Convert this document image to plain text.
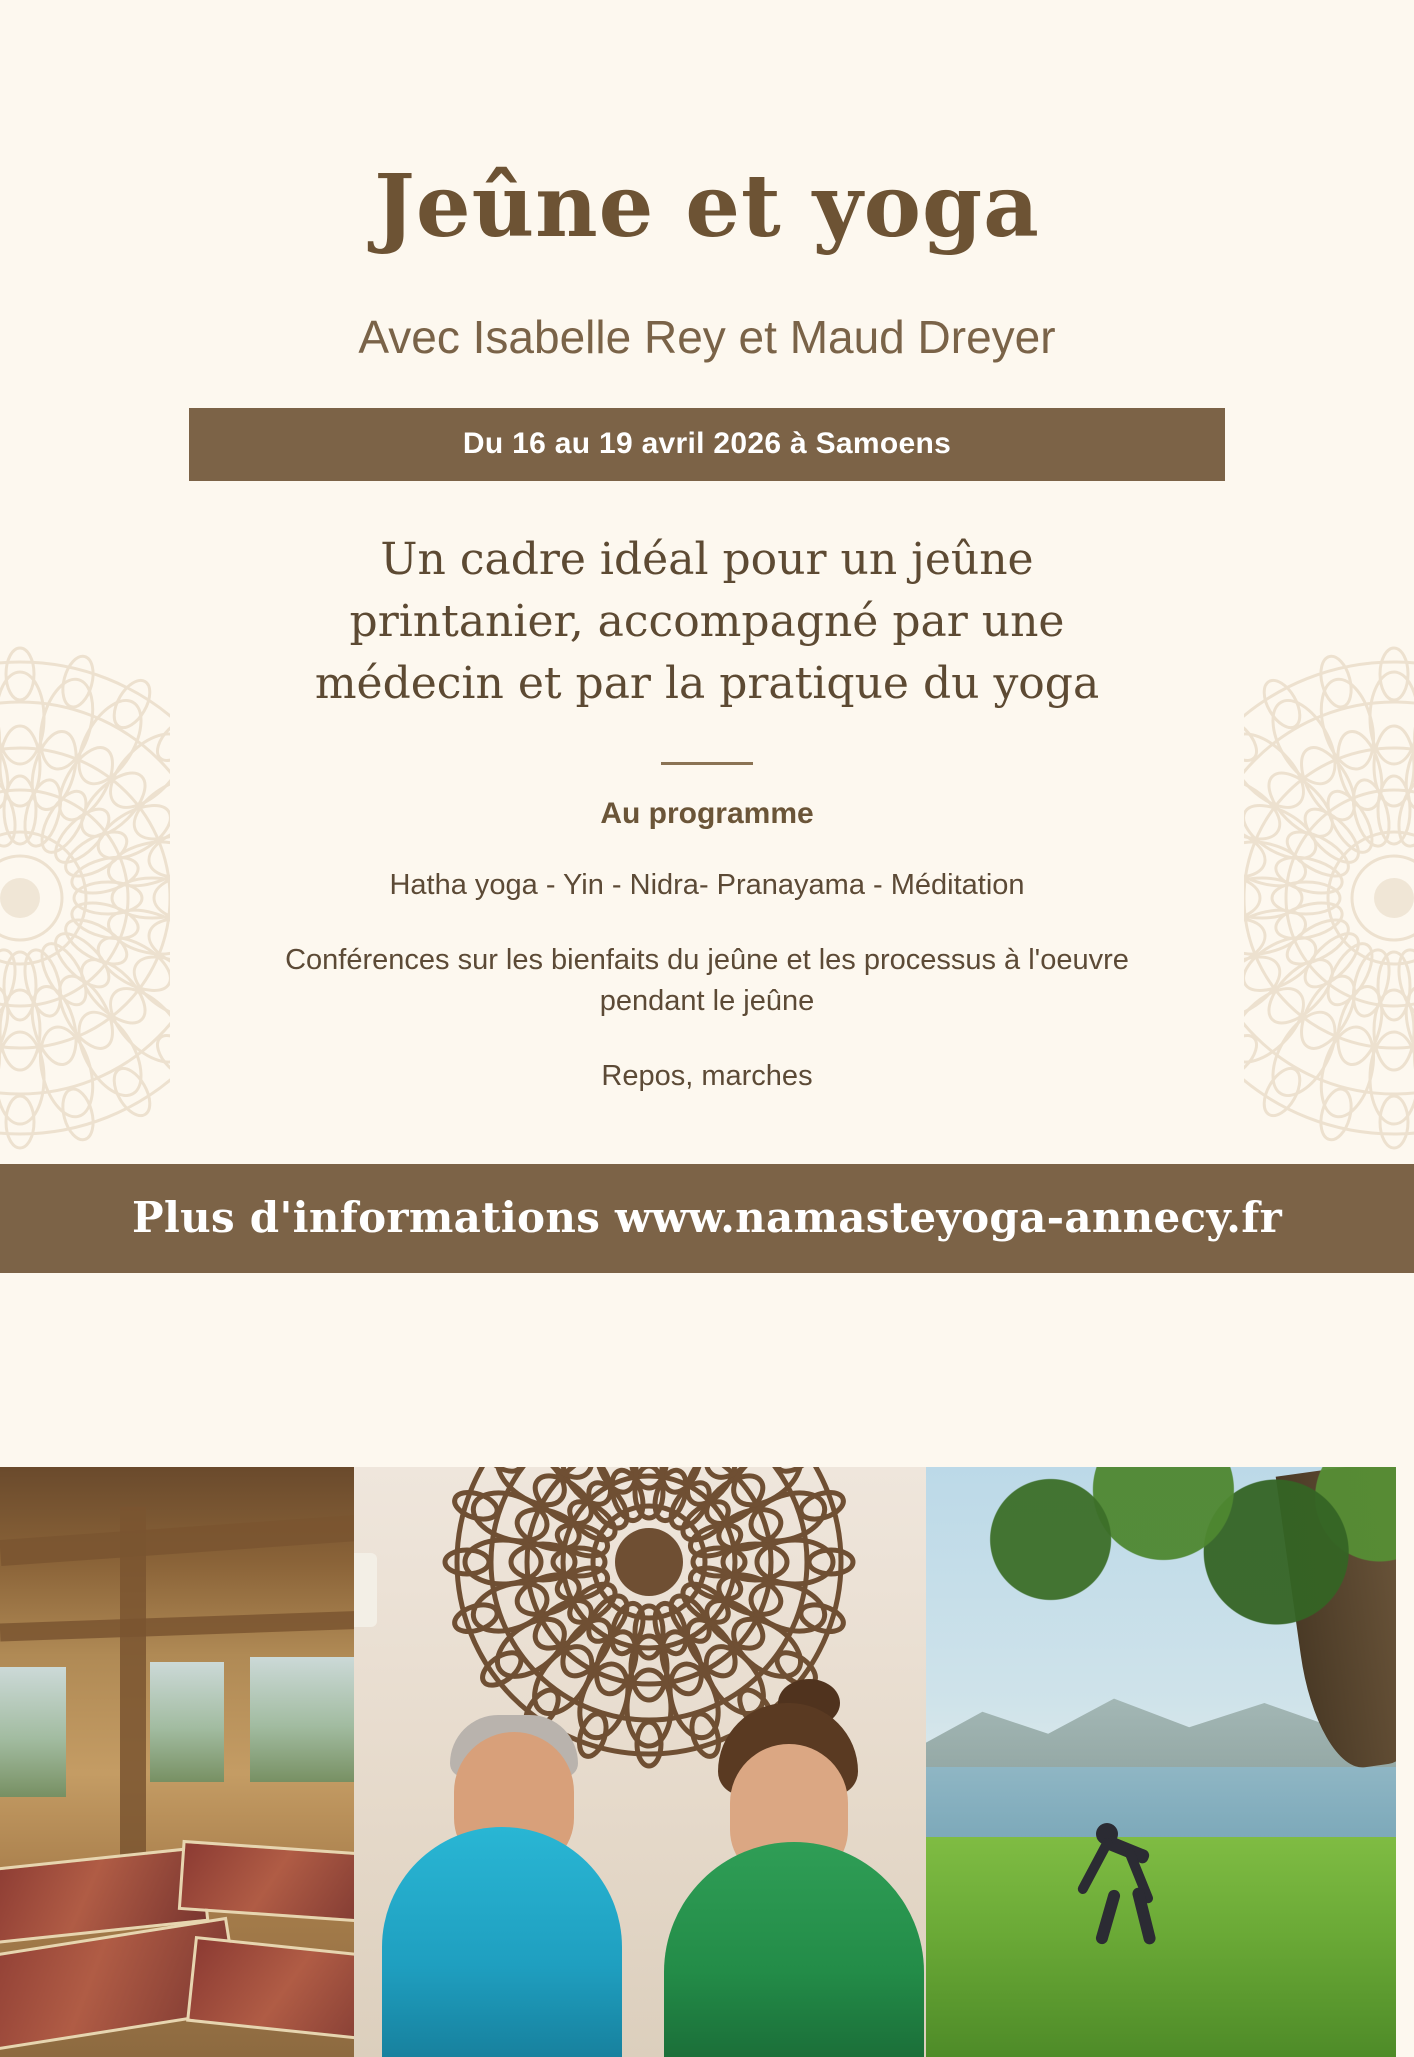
Jeûne et yoga
Avec Isabelle Rey et Maud Dreyer
Du 16 au 19 avril 2026 à Samoens
Un cadre idéal pour un jeûne printanier, accompagné par une médecin et par la pratique du yoga
Au programme
Hatha yoga - Yin - Nidra- Pranayama - Méditation
Conférences sur les bienfaits du jeûne et les processus à l'oeuvre pendant le jeûne
Repos, marches
Plus d'informations www.namasteyoga-annecy.fr
